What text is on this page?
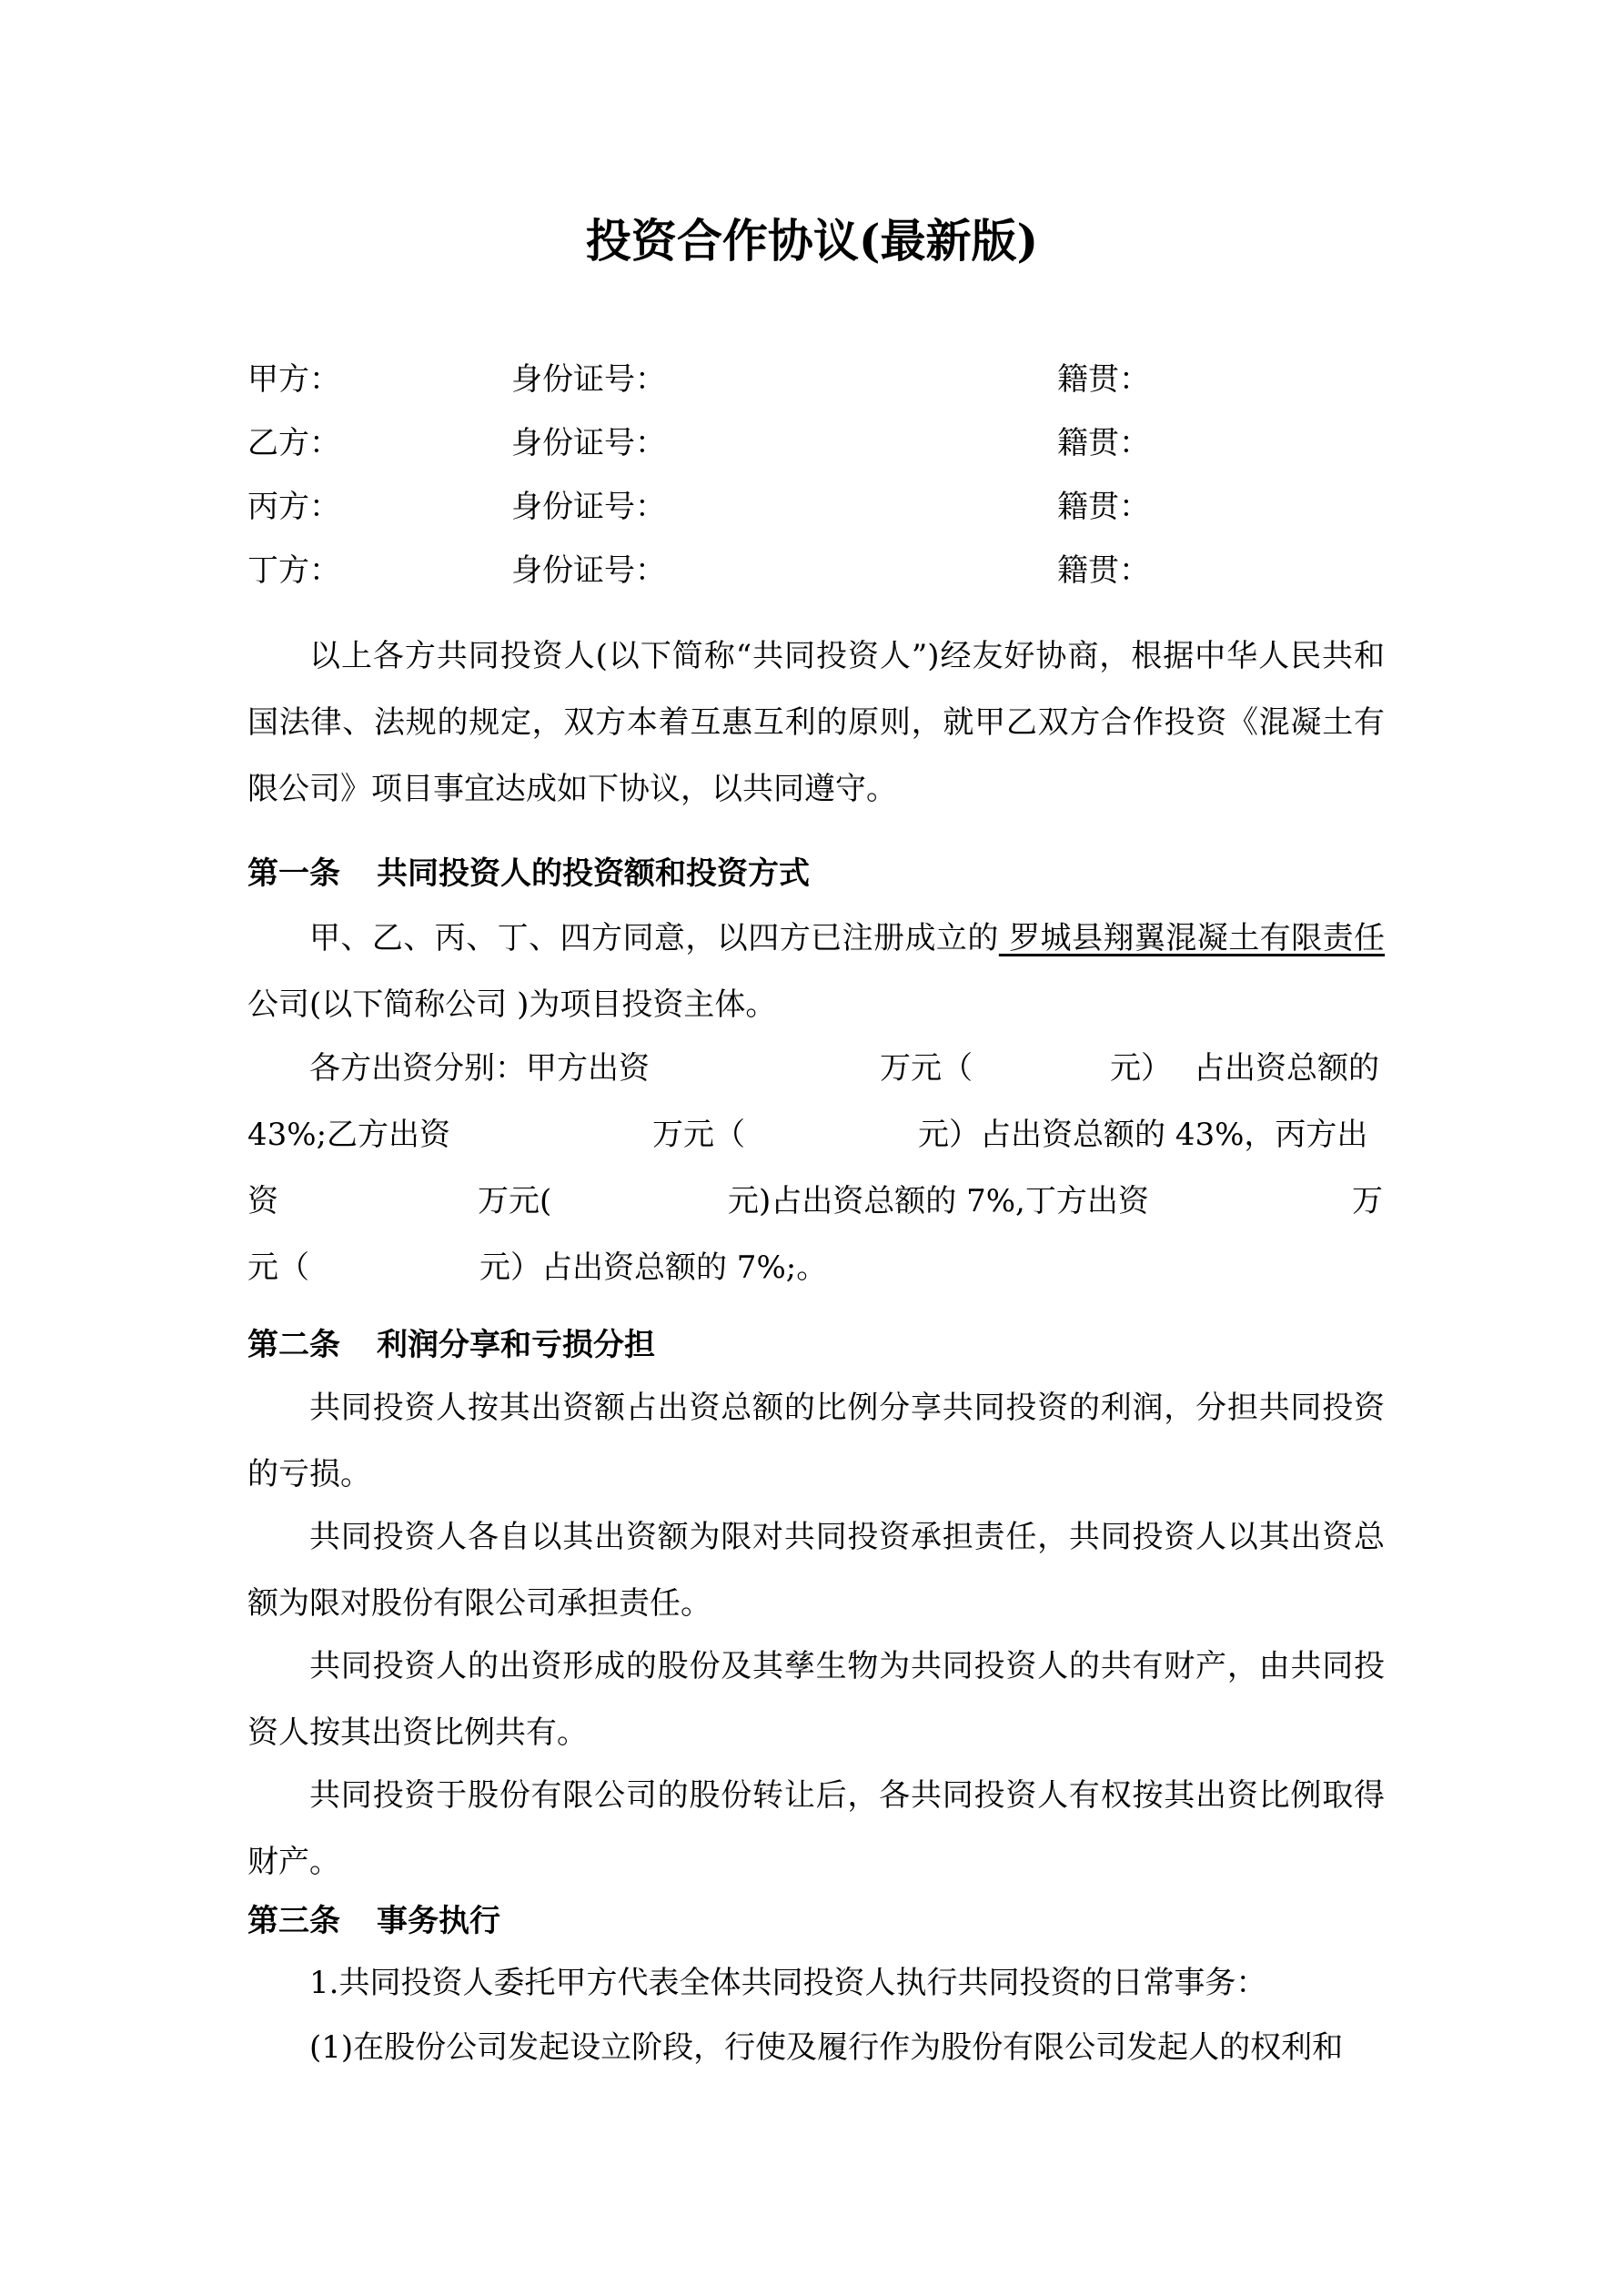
投资合作协议(最新版)
甲方：	身份证号：	籍贯：
乙方：	身份证号：	籍贯：
丙方：	身份证号：	籍贯：
丁方：	身份证号：	籍贯：

以上各方共同投资人(以下简称“共同投资人”)经友好协商，根据中华人民共和国法律、法规的规定，双方本着互惠互利的原则，就甲乙双方合作投资《混凝土有限公司》项目事宜达成如下协议，以共同遵守。

第一条 共同投资人的投资额和投资方式

甲、乙、丙、丁、四方同意，以四方已注册成立的 罗城县翔翼混凝土有限责任 公司(以下简称公司 )为项目投资主体。

各方出资分别：甲方出资	万元（	元） 占出资总额的
43%;乙方出资	万元（	元）占出资总额的 43%，丙方出
资	万元(	元)占出资总额的 7%,丁方出资	万
元（	元）占出资总额的 7%;。
第二条 利润分享和亏损分担

共同投资人按其出资额占出资总额的比例分享共同投资的利润，分担共同投资的亏损。

共同投资人各自以其出资额为限对共同投资承担责任，共同投资人以其出资总额为限对股份有限公司承担责任。

共同投资人的出资形成的股份及其孳生物为共同投资人的共有财产，由共同投资人按其出资比例共有。

共同投资于股份有限公司的股份转让后，各共同投资人有权按其出资比例取得财产。

第三条 事务执行
1.共同投资人委托甲方代表全体共同投资人执行共同投资的日常事务：
(1)在股份公司发起设立阶段，行使及履行作为股份有限公司发起人的权利和
